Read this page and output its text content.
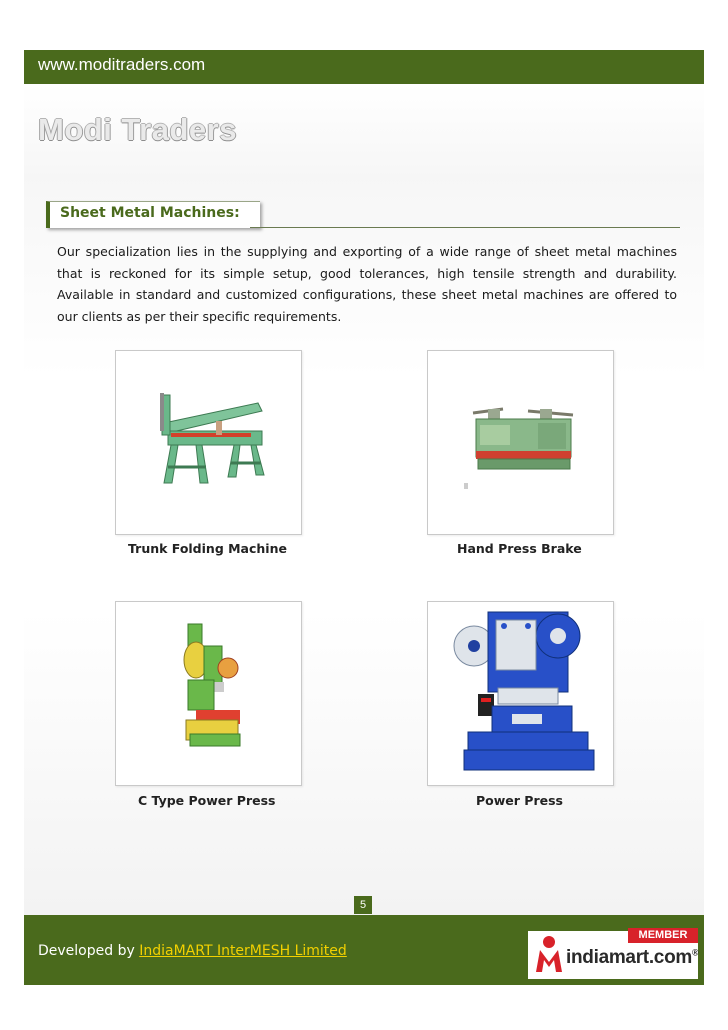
www.moditraders.com
Modi Traders
Sheet Metal Machines:

Our specialization lies in the supplying and exporting of a wide range of sheet metal machines that is reckoned for its simple setup, good tolerances, high tensile strength and durability. Available in standard and customized configurations, these sheet metal machines are offered to our clients as per their specific requirements.

Trunk Folding Machine	Hand Press Brake
C Type Power Press	Power Press
5
Developed by IndiaMART InterMESH Limited
MEMBER
indiamart.com®
